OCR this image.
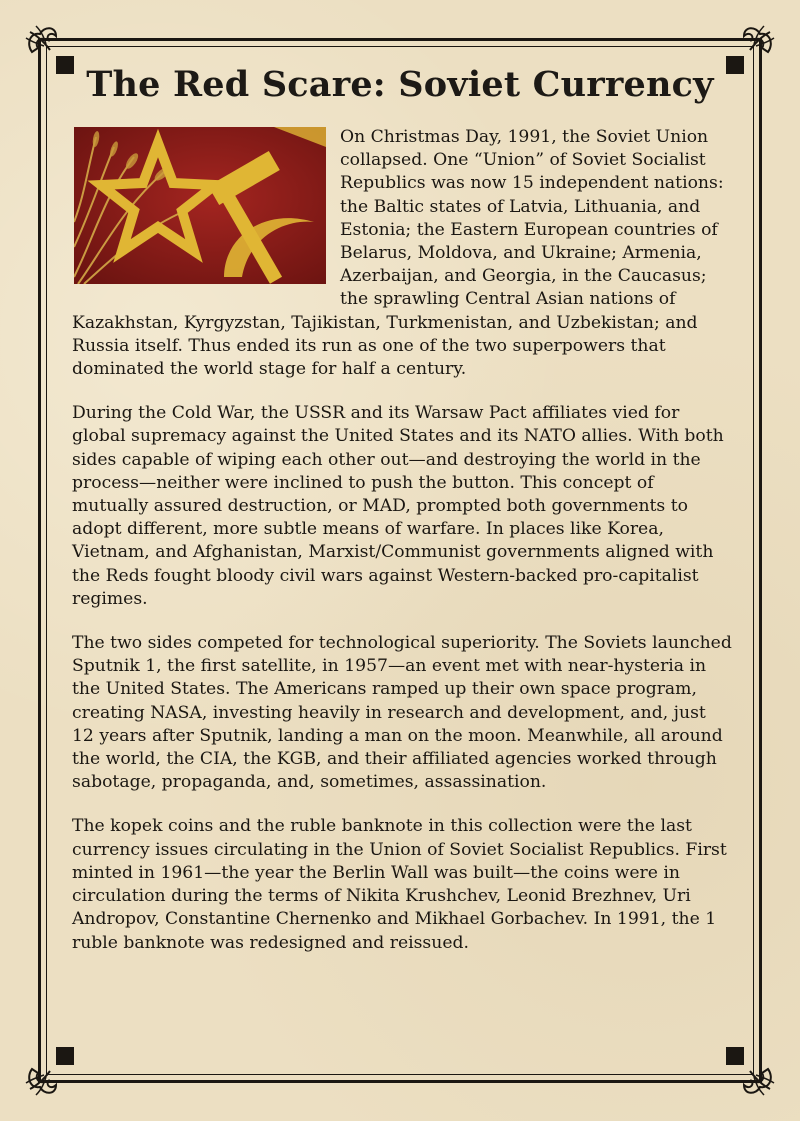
The Red Scare: Soviet Currency

On Christmas Day, 1991, the Soviet Union collapsed. One “Union” of Soviet Socialist Republics was now 15 independent nations: the Baltic states of Latvia, Lithuania, and Estonia; the Eastern European countries of Belarus, Moldova, and Ukraine; Armenia, Azerbaijan, and Georgia, in the Caucasus; the sprawling Central Asian nations of Kazakhstan, Kyrgyzstan, Tajikistan, Turkmenistan, and Uzbekistan; and Russia itself. Thus ended its run as one of the two superpowers that dominated the world stage for half a century.

During the Cold War, the USSR and its Warsaw Pact affiliates vied for global supremacy against the United States and its NATO allies. With both sides capable of wiping each other out—and destroying the world in the process—neither were inclined to push the button. This concept of mutually assured destruction, or MAD, prompted both governments to adopt different, more subtle means of warfare. In places like Korea, Vietnam, and Afghanistan, Marxist/Communist governments aligned with the Reds fought bloody civil wars against Western-backed pro-capitalist regimes.

The two sides competed for technological superiority. The Soviets launched Sputnik 1, the first satellite, in 1957—an event met with near-hysteria in the United States. The Americans ramped up their own space program, creating NASA, investing heavily in research and development, and, just 12 years after Sputnik, landing a man on the moon. Meanwhile, all around the world, the CIA, the KGB, and their affiliated agencies worked through sabotage, propaganda, and, sometimes, assassination.

The kopek coins and the ruble banknote in this collection were the last currency issues circulating in the Union of Soviet Socialist Republics. First minted in 1961—the year the Berlin Wall was built—the coins were in circulation during the terms of Nikita Krushchev, Leonid Brezhnev, Uri Andropov, Constantine Chernenko and Mikhael Gorbachev. In 1991, the 1 ruble banknote was redesigned and reissued.
